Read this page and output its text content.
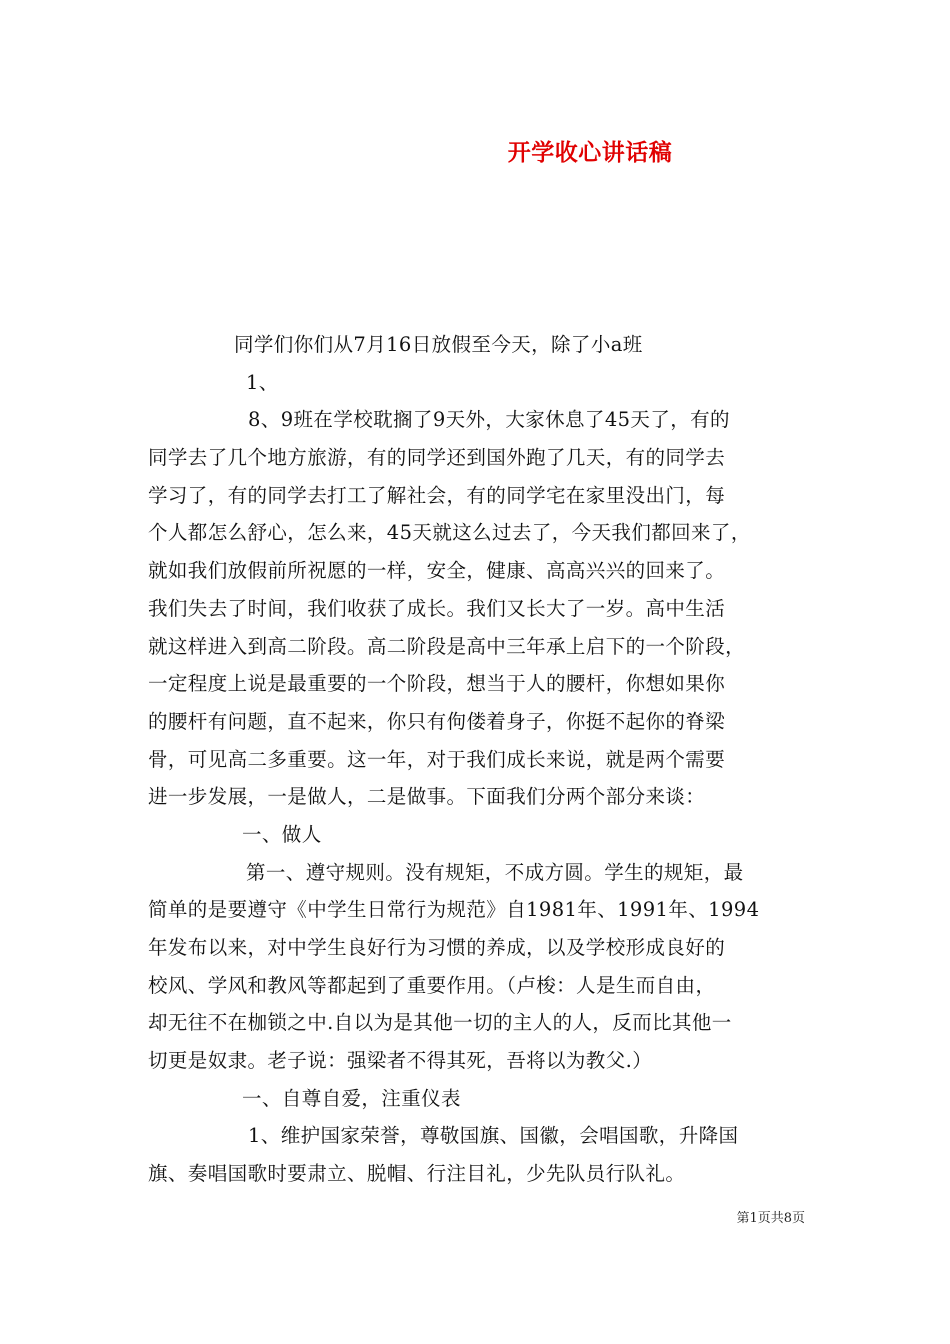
开学收心讲话稿
同学们你们从7月16日放假至今天，除了小a班
1、
8、9班在学校耽搁了9天外，大家休息了45天了，有的
同学去了几个地方旅游，有的同学还到国外跑了几天，有的同学去
学习了，有的同学去打工了解社会，有的同学宅在家里没出门，每
个人都怎么舒心，怎么来，45天就这么过去了，今天我们都回来了，
就如我们放假前所祝愿的一样，安全，健康、高高兴兴的回来了。
我们失去了时间，我们收获了成长。我们又长大了一岁。高中生活
就这样进入到高二阶段。高二阶段是高中三年承上启下的一个阶段，
一定程度上说是最重要的一个阶段，想当于人的腰杆，你想如果你
的腰杆有问题，直不起来，你只有佝偻着身子，你挺不起你的脊梁
骨，可见高二多重要。这一年，对于我们成长来说，就是两个需要
进一步发展，一是做人，二是做事。下面我们分两个部分来谈：
一、做人
第一、遵守规则。没有规矩，不成方圆。学生的规矩，最
简单的是要遵守《中学生日常行为规范》自1981年、1991年、1994
年发布以来，对中学生良好行为习惯的养成，以及学校形成良好的
校风、学风和教风等都起到了重要作用。（卢梭：人是生而自由，
却无往不在枷锁之中.自以为是其他一切的主人的人，反而比其他一
切更是奴隶。老子说：强梁者不得其死，吾将以为教父.）
一、自尊自爱，注重仪表
1、维护国家荣誉，尊敬国旗、国徽，会唱国歌，升降国
旗、奏唱国歌时要肃立、脱帽、行注目礼，少先队员行队礼。
第1页共8页
